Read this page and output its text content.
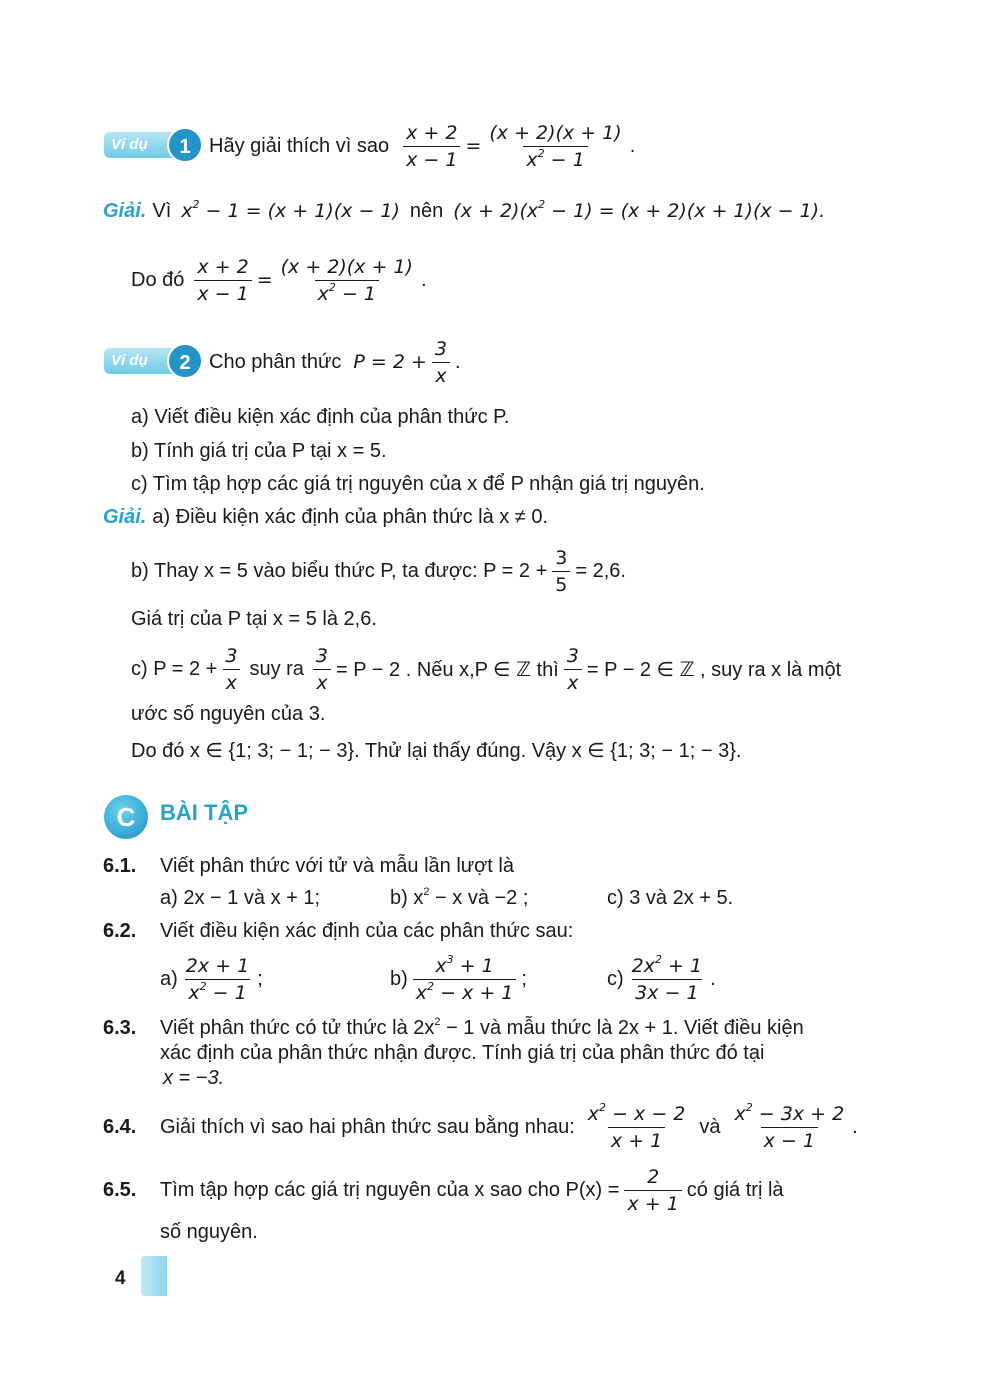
Ví dụ	1 Hãy giải thích vì sao $\frac{x + 2}{x - 1} = \frac{(x + 2)(x + 1)}{x^2 - 1}$ .
Giải. Vì $x^2 - 1 = (x + 1)(x - 1)$ nên $(x + 2)(x^2 - 1) = (x + 2)(x + 1)(x - 1)$.
Do đó $\frac{x + 2}{x - 1} = \frac{(x + 2)(x + 1)}{x^2 - 1}$ .
Ví dụ	2 Cho phân thức $P = 2 + \frac{3}{x}$ .
a) Viết điều kiện xác định của phân thức P.
b) Tính giá trị của P tại x = 5.
c) Tìm tập hợp các giá trị nguyên của x để P nhận giá trị nguyên.
Giải. a) Điều kiện xác định của phân thức là x ≠ 0.
b) Thay x = 5 vào biểu thức P, ta được: $P = 2 + \frac{3}{5} = 2,6$.
Giá trị của P tại x = 5 là 2,6.
c) $P = 2 + \frac{3}{x}$ suy ra $\frac{3}{x} = P - 2$ . Nếu x,P ∈ ℤ thì $\frac{3}{x} = P - 2$ ∈ ℤ , suy ra x là một
ước số nguyên của 3.
Do đó x ∈ {1; 3; − 1; − 3}. Thử lại thấy đúng. Vậy x ∈ {1; 3; − 1; − 3}.
C	BÀI TẬP
6.1. Viết phân thức với tử và mẫu lần lượt là
a) 2x − 1 và x + 1;	b) $x^2 - x$ và −2 ;	c) 3 và 2x + 5.
6.2. Viết điều kiện xác định của các phân thức sau:
$a) \frac{2x + 1}{x^2 - 1}$ ;	$b) \frac{x^3 + 1}{x^2 - x + 1}$ ;	$c) \frac{2x^2 + 1}{3x - 1}$ .
6.3. Viết phân thức có tử thức là $2x^2 - 1$ và mẫu thức là 2x + 1. Viết điều kiện
xác định của phân thức nhận được. Tính giá trị của phân thức đó tại
x = −3.
6.4. Giải thích vì sao hai phân thức sau bằng nhau: $\frac{x^2 - x - 2}{x + 1}$ và $\frac{x^2 - 3x + 2}{x - 1}$ .
6.5. Tìm tập hợp các giá trị nguyên của x sao cho $P(x) = \frac{2}{x + 1}$ có giá trị là
số nguyên.
4
